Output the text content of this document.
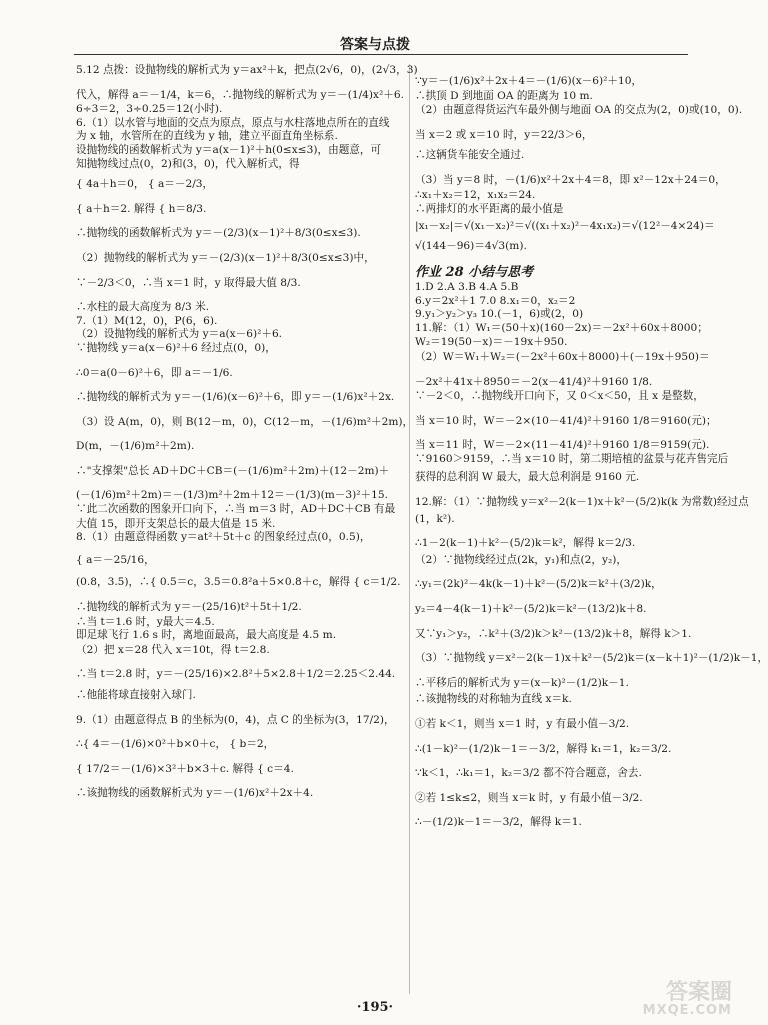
答案与点拨
5.12 点拨：设抛物线的解析式为 y＝ax²＋k，把点(2√6，0)，(2√3，3)
代入，解得 a＝－1/4，k＝6，∴抛物线的解析式为 y＝－(1/4)x²＋6.
6÷3＝2，3÷0.25＝12(小时).
6.（1）以水管与地面的交点为原点，原点与水柱落地点所在的直线
为 x 轴，水管所在的直线为 y 轴，建立平面直角坐标系.
设抛物线的函数解析式为 y＝a(x－1)²＋h(0≤x≤3)，由题意，可
知抛物线过点(0，2)和(3，0)，代入解析式，得
{ 4a＋h＝0， { a＝－2/3，
{ a＋h＝2. 解得 { h＝8/3.
∴抛物线的函数解析式为 y＝－(2/3)(x－1)²＋8/3(0≤x≤3).
（2）抛物线的解析式为 y＝－(2/3)(x－1)²＋8/3(0≤x≤3)中，
∵－2/3＜0，∴当 x＝1 时，y 取得最大值 8/3.
∴水柱的最大高度为 8/3 米.
7.（1）M(12，0)，P(6，6).
（2）设抛物线的解析式为 y＝a(x－6)²＋6.
∵抛物线 y＝a(x－6)²＋6 经过点(0，0)，
∴0＝a(0－6)²＋6，即 a＝－1/6.
∴抛物线的解析式为 y＝－(1/6)(x－6)²＋6，即 y＝－(1/6)x²＋2x.
（3）设 A(m，0)，则 B(12－m，0)，C(12－m，－(1/6)m²＋2m)，
D(m，－(1/6)m²＋2m).
∴"支撑架"总长 AD＋DC＋CB＝(－(1/6)m²＋2m)＋(12－2m)＋
(－(1/6)m²＋2m)＝－(1/3)m²＋2m＋12＝－(1/3)(m－3)²＋15.
∵此二次函数的图象开口向下，∴当 m＝3 时，AD＋DC＋CB 有最
大值 15，即开支架总长的最大值是 15 米.
8.（1）由题意得函数 y＝at²＋5t＋c 的图象经过点(0，0.5)，
{ a＝－25/16，
(0.8，3.5)，∴{ 0.5＝c，3.5＝0.8²a＋5×0.8＋c，解得 { c＝1/2.
∴抛物线的解析式为 y＝－(25/16)t²＋5t＋1/2.
∴当 t＝1.6 时，y最大＝4.5.
即足球飞行 1.6 s 时，离地面最高，最大高度是 4.5 m.
（2）把 x＝28 代入 x＝10t，得 t＝2.8.
∴当 t＝2.8 时，y＝－(25/16)×2.8²＋5×2.8＋1/2＝2.25＜2.44.
∴他能将球直接射入球门.
9.（1）由题意得点 B 的坐标为(0，4)，点 C 的坐标为(3，17/2)，
∴{ 4＝－(1/6)×0²＋b×0＋c， { b＝2，
{ 17/2＝－(1/6)×3²＋b×3＋c. 解得 { c＝4.
∴该抛物线的函数解析式为 y＝－(1/6)x²＋2x＋4.
∵y＝－(1/6)x²＋2x＋4＝－(1/6)(x－6)²＋10，
∴拱顶 D 到地面 OA 的距离为 10 m.
（2）由题意得货运汽车最外侧与地面 OA 的交点为(2，0)或(10，0).
当 x＝2 或 x＝10 时，y＝22/3＞6，
∴这辆货车能安全通过.
（3）当 y＝8 时，－(1/6)x²＋2x＋4＝8，即 x²－12x＋24＝0，
∴x₁＋x₂＝12，x₁x₂＝24.
∴两排灯的水平距离的最小值是
|x₁－x₂|＝√(x₁－x₂)²＝√((x₁＋x₂)²－4x₁x₂)＝√(12²－4×24)＝
√(144－96)＝4√3(m).
作业 28 小结与思考
1.D 2.A 3.B 4.A 5.B
6.y＝2x²＋1 7.0 8.x₁＝0，x₂＝2
9.y₁＞y₂＞y₃ 10.(－1，6)或(2，0)
11.解：（1）W₁＝(50＋x)(160－2x)＝－2x²＋60x＋8000；
W₂＝19(50－x)＝－19x＋950.
（2）W＝W₁＋W₂＝(－2x²＋60x＋8000)＋(－19x＋950)＝
－2x²＋41x＋8950＝－2(x－41/4)²＋9160 1/8.
∵－2＜0，∴抛物线开口向下，又 0＜x＜50，且 x 是整数，
当 x＝10 时，W＝－2×(10－41/4)²＋9160 1/8＝9160(元)；
当 x＝11 时，W＝－2×(11－41/4)²＋9160 1/8＝9159(元).
∵9160＞9159，∴当 x＝10 时，第二期培植的盆景与花卉售完后
获得的总利润 W 最大，最大总利润是 9160 元.
12.解：（1）∵抛物线 y＝x²－2(k－1)x＋k²－(5/2)k(k 为常数)经过点
(1，k²).
∴1－2(k－1)＋k²－(5/2)k＝k²，解得 k＝2/3.
（2）∵抛物线经过点(2k，y₁)和点(2，y₂)，
∴y₁＝(2k)²－4k(k－1)＋k²－(5/2)k＝k²＋(3/2)k，
y₂＝4－4(k－1)＋k²－(5/2)k＝k²－(13/2)k＋8.
又∵y₁＞y₂，∴k²＋(3/2)k＞k²－(13/2)k＋8，解得 k＞1.
（3）∵抛物线 y＝x²－2(k－1)x＋k²－(5/2)k＝(x－k＋1)²－(1/2)k－1，
∴平移后的解析式为 y＝(x－k)²－(1/2)k－1.
∴该抛物线的对称轴为直线 x＝k.
①若 k＜1，则当 x＝1 时，y 有最小值－3/2.
∴(1－k)²－(1/2)k－1＝－3/2，解得 k₁＝1，k₂＝3/2.
∵k＜1，∴k₁＝1，k₂＝3/2 都不符合题意，舍去.
②若 1≤k≤2，则当 x＝k 时，y 有最小值－3/2.
∴－(1/2)k－1＝－3/2，解得 k＝1.
·195·
答案圈
MXQE.COM
